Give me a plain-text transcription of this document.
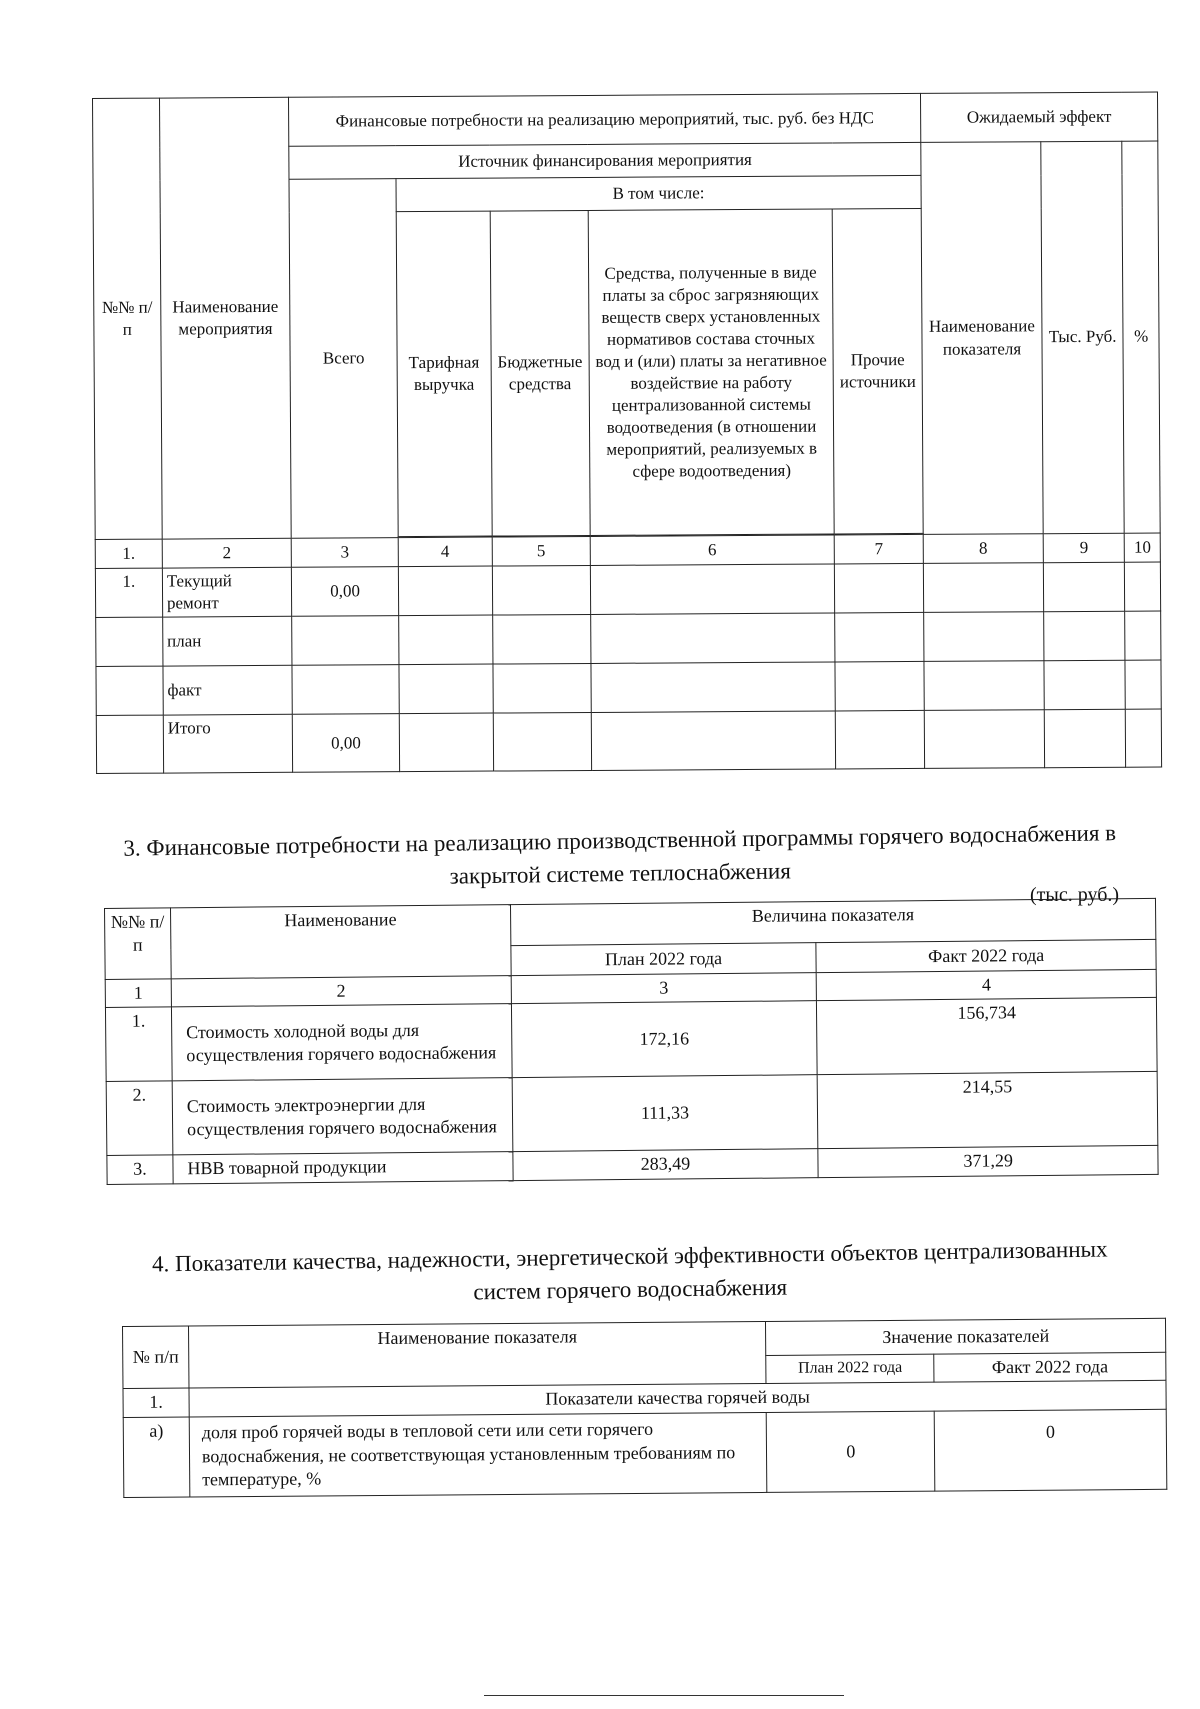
№№ п/п	Наименование мероприятия	Финансовые потребности на реализацию мероприятий, тыс. руб. без НДС					Ожидаемый эффект		
		Источник финансирования мероприятия					Наименование показателя	Тыс. Руб.	%
		Всего	В том числе:						
			Тарифная выручка	Бюджетные средства	Средства, полученные в виде платы за сброс загрязняющих веществ сверх установленных нормативов состава сточных вод и (или) платы за негативное воздействие на работу централизованной системы водоотведения (в отношении мероприятий, реализуемых в сфере водоотведения)	Прочие источники			

1.	2	3	4	5	6	7	8	9	10
1.	Текущий ремонт	0,00							
	план								
	факт								
	Итого	0,00							
3. Финансовые потребности на реализацию производственной программы горячего водоснабжения в закрытой системе теплоснабжения
(тыс. руб.)
№№ п/п	Наименование	Величина показателя	
		План 2022 года	Факт 2022 года
1	2	3	4
1.	Стоимость холодной воды для осуществления горячего водоснабжения	172,16	156,734
2.	Стоимость электроэнергии для осуществления горячего водоснабжения	111,33	214,55
3.	НВВ товарной продукции	283,49	371,29
4. Показатели качества, надежности, энергетической эффективности объектов централизованных систем горячего водоснабжения
№ п/п	Наименование показателя	Значение показателей	
		План 2022 года	Факт 2022 года
1.	Показатели качества горячей воды		
а)	доля проб горячей воды в тепловой сети или сети горячего водоснабжения, не соответствующая установленным требованиям по температуре, %	0	0
